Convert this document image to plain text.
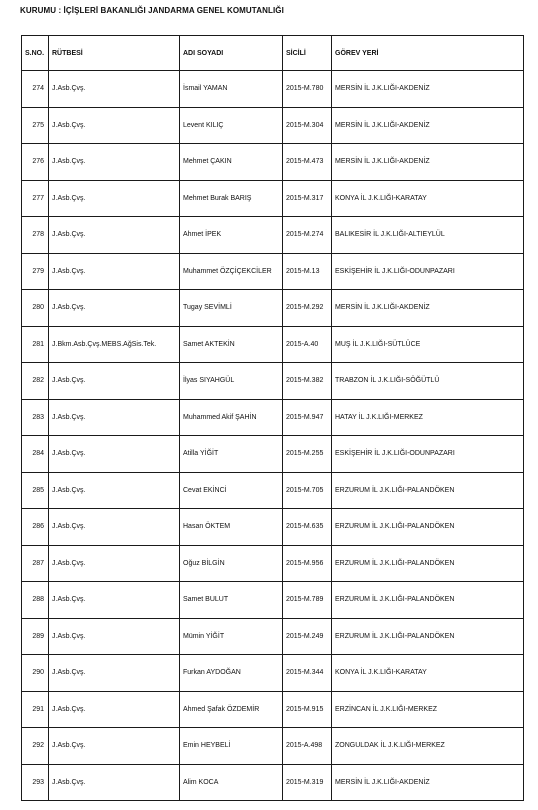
KURUMU : İÇİŞLERİ BAKANLIĞI JANDARMA GENEL KOMUTANLIĞI
S.NO.	RÜTBESİ	ADI SOYADI	SİCİLİ	GÖREV YERİ
274	J.Asb.Çvş.	İsmail YAMAN	2015-M.780	MERSİN İL J.K.LIĞI-AKDENİZ
275	J.Asb.Çvş.	Levent KILIÇ	2015-M.304	MERSİN İL J.K.LIĞI-AKDENİZ
276	J.Asb.Çvş.	Mehmet ÇAKIN	2015-M.473	MERSİN İL J.K.LIĞI-AKDENİZ
277	J.Asb.Çvş.	Mehmet Burak BARIŞ	2015-M.317	KONYA İL J.K.LIĞI-KARATAY
278	J.Asb.Çvş.	Ahmet İPEK	2015-M.274	BALIKESİR İL J.K.LIĞI-ALTIEYLÜL
279	J.Asb.Çvş.	Muhammet ÖZÇİÇEKCİLER	2015-M.13	ESKİŞEHİR İL J.K.LIĞI-ODUNPAZARI
280	J.Asb.Çvş.	Tugay SEVİMLİ	2015-M.292	MERSİN İL J.K.LIĞI-AKDENİZ
281	J.Bkm.Asb.Çvş.MEBS.AğSis.Tek.	Samet AKTEKİN	2015-A.40	MUŞ İL J.K.LIĞI-SÜTLÜCE
282	J.Asb.Çvş.	İlyas SIYAHGÜL	2015-M.382	TRABZON İL J.K.LIĞI-SÖĞÜTLÜ
283	J.Asb.Çvş.	Muhammed Akif ŞAHİN	2015-M.947	HATAY İL J.K.LIĞI-MERKEZ
284	J.Asb.Çvş.	Atilla YİĞİT	2015-M.255	ESKİŞEHİR İL J.K.LIĞI-ODUNPAZARI
285	J.Asb.Çvş.	Cevat EKİNCİ	2015-M.705	ERZURUM İL J.K.LIĞI-PALANDÖKEN
286	J.Asb.Çvş.	Hasan ÖKTEM	2015-M.635	ERZURUM İL J.K.LIĞI-PALANDÖKEN
287	J.Asb.Çvş.	Oğuz BİLGİN	2015-M.956	ERZURUM İL J.K.LIĞI-PALANDÖKEN
288	J.Asb.Çvş.	Samet BULUT	2015-M.789	ERZURUM İL J.K.LIĞI-PALANDÖKEN
289	J.Asb.Çvş.	Mümin YİĞİT	2015-M.249	ERZURUM İL J.K.LIĞI-PALANDÖKEN
290	J.Asb.Çvş.	Furkan AYDOĞAN	2015-M.344	KONYA İL J.K.LIĞI-KARATAY
291	J.Asb.Çvş.	Ahmed Şafak ÖZDEMİR	2015-M.915	ERZİNCAN İL J.K.LIĞI-MERKEZ
292	J.Asb.Çvş.	Emin HEYBELİ	2015-A.498	ZONGULDAK İL J.K.LIĞI-MERKEZ
293	J.Asb.Çvş.	Alim KOCA	2015-M.319	MERSİN İL J.K.LIĞI-AKDENİZ
